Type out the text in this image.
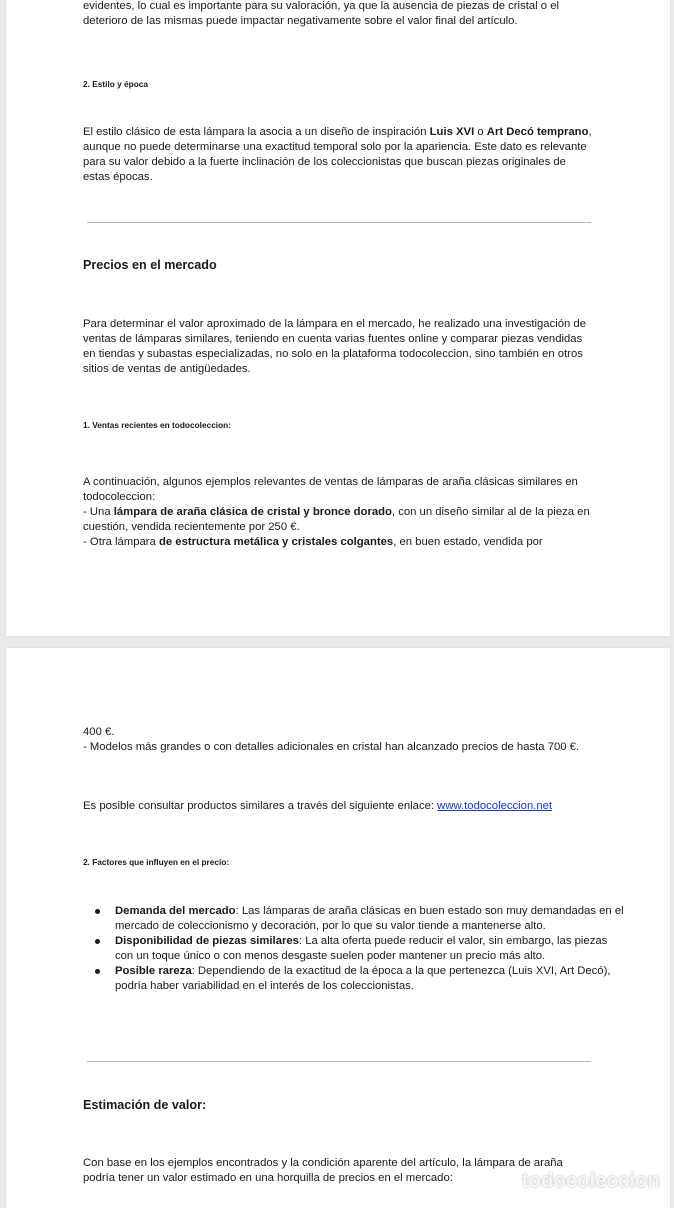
evidentes, lo cual es importante para su valoración, ya que la ausencia de piezas de cristal o el
deterioro de las mismas puede impactar negativamente sobre el valor final del artículo.

2. Estilo y época

El estilo clásico de esta lámpara la asocia a un diseño de inspiración Luis XVI o Art Decó temprano, aunque no puede determinarse una exactitud temporal solo por la apariencia. Este dato es relevante para su valor debido a la fuerte inclinación de los coleccionistas que buscan piezas originales de estas épocas.

Precios en el mercado

Para determinar el valor aproximado de la lámpara en el mercado, he realizado una investigación de ventas de lámparas similares, teniendo en cuenta varias fuentes online y comparar piezas vendidas en tiendas y subastas especializadas, no solo en la plataforma todocoleccion, sino también en otros sitios de ventas de antigüedades.

1. Ventas recientes en todocoleccion:

A continuación, algunos ejemplos relevantes de ventas de lámparas de araña clásicas similares en todocoleccion:
- Una lámpara de araña clásica de cristal y bronce dorado, con un diseño similar al de la pieza en cuestión, vendida recientemente por 250 €.
- Otra lámpara de estructura metálica y cristales colgantes, en buen estado, vendida por

400 €.
- Modelos más grandes o con detalles adicionales en cristal han alcanzado precios de hasta 700 €.

Es posible consultar productos similares a través del siguiente enlace: www.todocoleccion.net

2. Factores que influyen en el precio:

Demanda del mercado: Las lámparas de araña clásicas en buen estado son muy demandadas en el mercado de coleccionismo y decoración, por lo que su valor tiende a mantenerse alto.
Disponibilidad de piezas similares: La alta oferta puede reducir el valor, sin embargo, las piezas con un toque único o con menos desgaste suelen poder mantener un precio más alto.
Posible rareza: Dependiendo de la exactitud de la época a la que pertenezca (Luis XVI, Art Decó), podría haber variabilidad en el interés de los coleccionistas.

Estimación de valor:

Con base en los ejemplos encontrados y la condición aparente del artículo, la lámpara de araña podría tener un valor estimado en una horquilla de precios en el mercado:	todocoleccion
